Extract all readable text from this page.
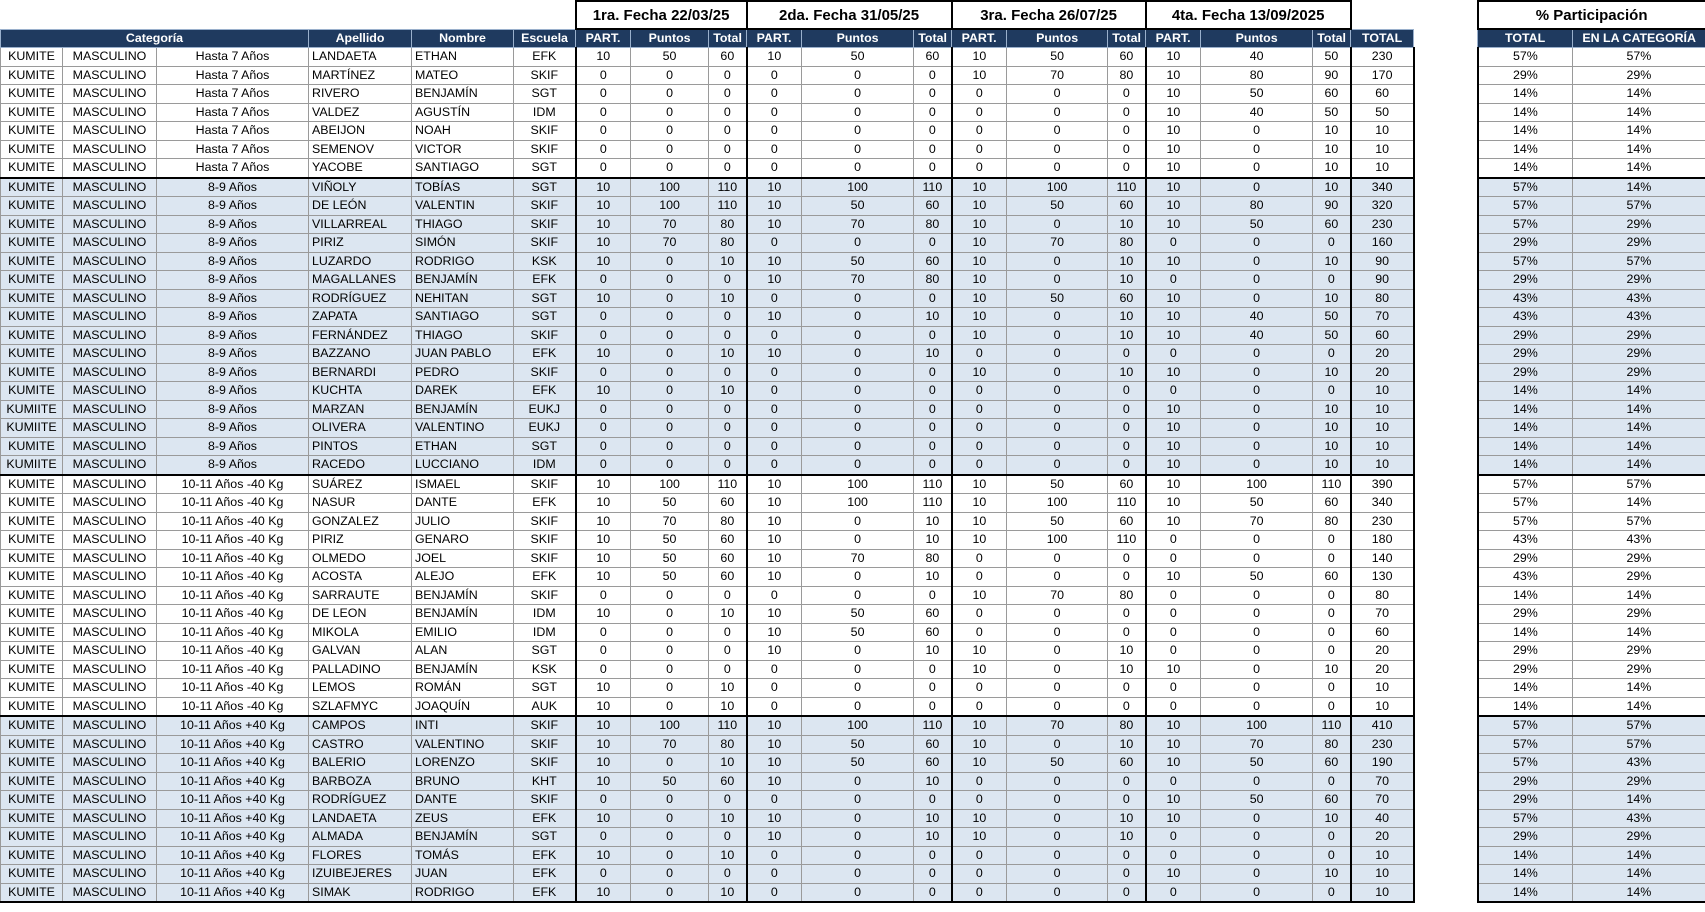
						1ra. Fecha 22/03/25			2da. Fecha 31/05/25			3ra. Fecha 26/07/25			4ta. Fecha 13/09/2025					% Participación	
Categoría			Apellido	Nombre	Escuela	PART.	Puntos	Total	PART.	Puntos	Total	PART.	Puntos	Total	PART.	Puntos	Total	TOTAL		TOTAL	EN LA CATEGORÍA
KUMITE	MASCULINO	Hasta 7 Años	LANDAETA	ETHAN	EFK	10	50	60	10	50	60	10	50	60	10	40	50	230		57%	57%
KUMITE	MASCULINO	Hasta 7 Años	MARTÍNEZ	MATEO	SKIF	0	0	0	0	0	0	10	70	80	10	80	90	170		29%	29%
KUMITE	MASCULINO	Hasta 7 Años	RIVERO	BENJAMÍN	SGT	0	0	0	0	0	0	0	0	0	10	50	60	60		14%	14%
KUMITE	MASCULINO	Hasta 7 Años	VALDEZ	AGUSTÍN	IDM	0	0	0	0	0	0	0	0	0	10	40	50	50		14%	14%
KUMITE	MASCULINO	Hasta 7 Años	ABEIJON	NOAH	SKIF	0	0	0	0	0	0	0	0	0	10	0	10	10		14%	14%
KUMITE	MASCULINO	Hasta 7 Años	SEMENOV	VICTOR	SKIF	0	0	0	0	0	0	0	0	0	10	0	10	10		14%	14%
KUMITE	MASCULINO	Hasta 7 Años	YACOBE	SANTIAGO	SGT	0	0	0	0	0	0	0	0	0	10	0	10	10		14%	14%
KUMITE	MASCULINO	8-9 Años	VIÑOLY	TOBÍAS	SGT	10	100	110	10	100	110	10	100	110	10	0	10	340		57%	14%
KUMITE	MASCULINO	8-9 Años	DE LEÓN	VALENTIN	SKIF	10	100	110	10	50	60	10	50	60	10	80	90	320		57%	57%
KUMITE	MASCULINO	8-9 Años	VILLARREAL	THIAGO	SKIF	10	70	80	10	70	80	10	0	10	10	50	60	230		57%	29%
KUMITE	MASCULINO	8-9 Años	PIRIZ	SIMÓN	SKIF	10	70	80	0	0	0	10	70	80	0	0	0	160		29%	29%
KUMITE	MASCULINO	8-9 Años	LUZARDO	RODRIGO	KSK	10	0	10	10	50	60	10	0	10	10	0	10	90		57%	57%
KUMITE	MASCULINO	8-9 Años	MAGALLANES	BENJAMÍN	EFK	0	0	0	10	70	80	10	0	10	0	0	0	90		29%	29%
KUMITE	MASCULINO	8-9 Años	RODRÍGUEZ	NEHITAN	SGT	10	0	10	0	0	0	10	50	60	10	0	10	80		43%	43%
KUMITE	MASCULINO	8-9 Años	ZAPATA	SANTIAGO	SGT	0	0	0	10	0	10	10	0	10	10	40	50	70		43%	43%
KUMITE	MASCULINO	8-9 Años	FERNÁNDEZ	THIAGO	SKIF	0	0	0	0	0	0	10	0	10	10	40	50	60		29%	29%
KUMITE	MASCULINO	8-9 Años	BAZZANO	JUAN PABLO	EFK	10	0	10	10	0	10	0	0	0	0	0	0	20		29%	29%
KUMITE	MASCULINO	8-9 Años	BERNARDI	PEDRO	SKIF	0	0	0	0	0	0	10	0	10	10	0	10	20		29%	29%
KUMITE	MASCULINO	8-9 Años	KUCHTA	DAREK	EFK	10	0	10	0	0	0	0	0	0	0	0	0	10		14%	14%
KUMIITE	MASCULINO	8-9 Años	MARZAN	BENJAMÍN	EUKJ	0	0	0	0	0	0	0	0	0	10	0	10	10		14%	14%
KUMIITE	MASCULINO	8-9 Años	OLIVERA	VALENTINO	EUKJ	0	0	0	0	0	0	0	0	0	10	0	10	10		14%	14%
KUMITE	MASCULINO	8-9 Años	PINTOS	ETHAN	SGT	0	0	0	0	0	0	0	0	0	10	0	10	10		14%	14%
KUMIITE	MASCULINO	8-9 Años	RACEDO	LUCCIANO	IDM	0	0	0	0	0	0	0	0	0	10	0	10	10		14%	14%
KUMITE	MASCULINO	10-11 Años -40 Kg	SUÁREZ	ISMAEL	SKIF	10	100	110	10	100	110	10	50	60	10	100	110	390		57%	57%
KUMITE	MASCULINO	10-11 Años -40 Kg	NASUR	DANTE	EFK	10	50	60	10	100	110	10	100	110	10	50	60	340		57%	14%
KUMITE	MASCULINO	10-11 Años -40 Kg	GONZALEZ	JULIO	SKIF	10	70	80	10	0	10	10	50	60	10	70	80	230		57%	57%
KUMITE	MASCULINO	10-11 Años -40 Kg	PIRIZ	GENARO	SKIF	10	50	60	10	0	10	10	100	110	0	0	0	180		43%	43%
KUMITE	MASCULINO	10-11 Años -40 Kg	OLMEDO	JOEL	SKIF	10	50	60	10	70	80	0	0	0	0	0	0	140		29%	29%
KUMITE	MASCULINO	10-11 Años -40 Kg	ACOSTA	ALEJO	EFK	10	50	60	10	0	10	0	0	0	10	50	60	130		43%	29%
KUMITE	MASCULINO	10-11 Años -40 Kg	SARRAUTE	BENJAMÍN	SKIF	0	0	0	0	0	0	10	70	80	0	0	0	80		14%	14%
KUMITE	MASCULINO	10-11 Años -40 Kg	DE LEON	BENJAMÍN	IDM	10	0	10	10	50	60	0	0	0	0	0	0	70		29%	29%
KUMITE	MASCULINO	10-11 Años -40 Kg	MIKOLA	EMILIO	IDM	0	0	0	10	50	60	0	0	0	0	0	0	60		14%	14%
KUMITE	MASCULINO	10-11 Años -40 Kg	GALVAN	ALAN	SGT	0	0	0	10	0	10	10	0	10	0	0	0	20		29%	29%
KUMITE	MASCULINO	10-11 Años -40 Kg	PALLADINO	BENJAMÍN	KSK	0	0	0	0	0	0	10	0	10	10	0	10	20		29%	29%
KUMITE	MASCULINO	10-11 Años -40 Kg	LEMOS	ROMÁN	SGT	10	0	10	0	0	0	0	0	0	0	0	0	10		14%	14%
KUMITE	MASCULINO	10-11 Años -40 Kg	SZLAFMYC	JOAQUÍN	AUK	10	0	10	0	0	0	0	0	0	0	0	0	10		14%	14%
KUMITE	MASCULINO	10-11 Años +40 Kg	CAMPOS	INTI	SKIF	10	100	110	10	100	110	10	70	80	10	100	110	410		57%	57%
KUMITE	MASCULINO	10-11 Años +40 Kg	CASTRO	VALENTINO	SKIF	10	70	80	10	50	60	10	0	10	10	70	80	230		57%	57%
KUMITE	MASCULINO	10-11 Años +40 Kg	BALERIO	LORENZO	SKIF	10	0	10	10	50	60	10	50	60	10	50	60	190		57%	43%
KUMITE	MASCULINO	10-11 Años +40 Kg	BARBOZA	BRUNO	KHT	10	50	60	10	0	10	0	0	0	0	0	0	70		29%	29%
KUMITE	MASCULINO	10-11 Años +40 Kg	RODRÍGUEZ	DANTE	SKIF	0	0	0	0	0	0	0	0	0	10	50	60	70		29%	14%
KUMITE	MASCULINO	10-11 Años +40 Kg	LANDAETA	ZEUS	EFK	10	0	10	10	0	10	10	0	10	10	0	10	40		57%	43%
KUMITE	MASCULINO	10-11 Años +40 Kg	ALMADA	BENJAMÍN	SGT	0	0	0	10	0	10	10	0	10	0	0	0	20		29%	29%
KUMITE	MASCULINO	10-11 Años +40 Kg	FLORES	TOMÁS	EFK	10	0	10	0	0	0	0	0	0	0	0	0	10		14%	14%
KUMITE	MASCULINO	10-11 Años +40 Kg	IZUIBEJERES	JUAN	EFK	0	0	0	0	0	0	0	0	0	10	0	10	10		14%	14%
KUMITE	MASCULINO	10-11 Años +40 Kg	SIMAK	RODRIGO	EFK	10	0	10	0	0	0	0	0	0	0	0	0	10		14%	14%
